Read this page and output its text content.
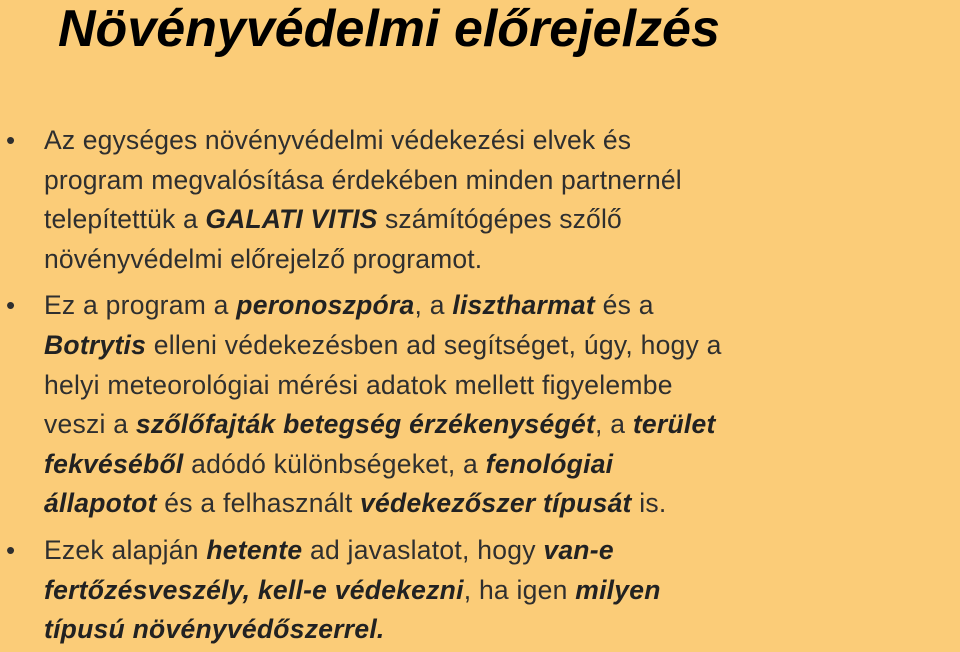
Növényvédelmi előrejelzés
• Az egységes növényvédelmi védekezési elvek és
program megvalósítása érdekében minden partnernél
telepítettük a GALATI VITIS számítógépes szőlő
növényvédelmi előrejelző programot.
• Ez a program a peronoszpóra, a lisztharmat és a
Botrytis elleni védekezésben ad segítséget, úgy, hogy a
helyi meteorológiai mérési adatok mellett figyelembe
veszi a szőlőfajták betegség érzékenységét, a terület
fekvéséből adódó különbségeket, a fenológiai
állapotot és a felhasznált védekezőszer típusát is.
• Ezek alapján hetente ad javaslatot, hogy van-e
fertőzésveszély, kell-e védekezni, ha igen milyen
típusú növényvédőszerrel.
